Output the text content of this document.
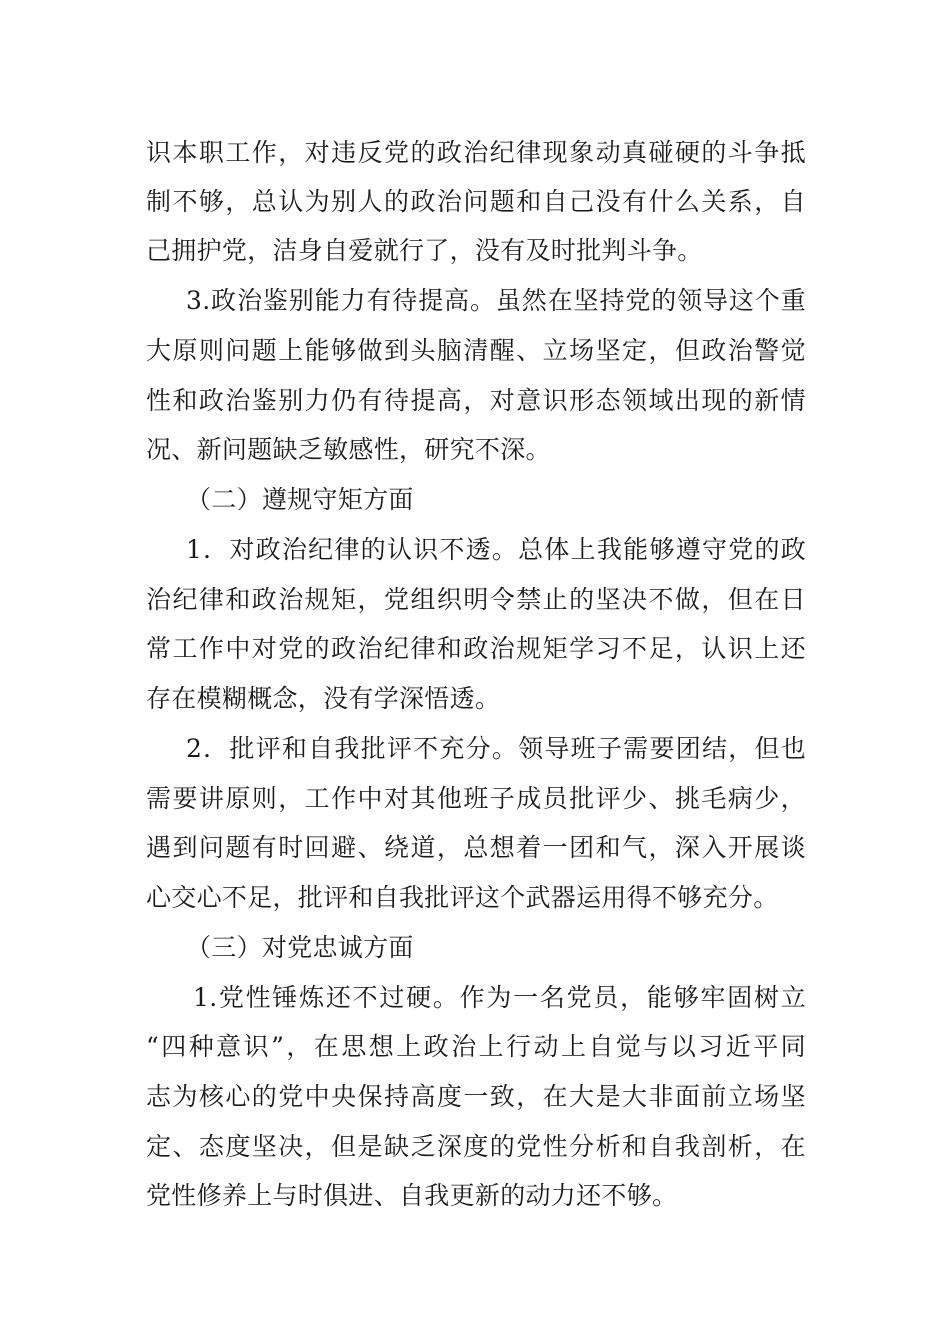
识本职工作，对违反党的政治纪律现象动真碰硬的斗争抵
制不够，总认为别人的政治问题和自己没有什么关系，自
己拥护党，洁身自爱就行了，没有及时批判斗争。
3.政治鉴别能力有待提高。虽然在坚持党的领导这个重
大原则问题上能够做到头脑清醒、立场坚定，但政治警觉
性和政治鉴别力仍有待提高，对意识形态领域出现的新情
况、新问题缺乏敏感性，研究不深。
（二）遵规守矩方面
1．对政治纪律的认识不透。总体上我能够遵守党的政
治纪律和政治规矩，党组织明令禁止的坚决不做，但在日
常工作中对党的政治纪律和政治规矩学习不足，认识上还
存在模糊概念，没有学深悟透。
2．批评和自我批评不充分。领导班子需要团结，但也
需要讲原则，工作中对其他班子成员批评少、挑毛病少，
遇到问题有时回避、绕道，总想着一团和气，深入开展谈
心交心不足，批评和自我批评这个武器运用得不够充分。
（三）对党忠诚方面
1.党性锤炼还不过硬。作为一名党员，能够牢固树立
“四种意识”，在思想上政治上行动上自觉与以习近平同
志为核心的党中央保持高度一致，在大是大非面前立场坚
定、态度坚决，但是缺乏深度的党性分析和自我剖析，在
党性修养上与时俱进、自我更新的动力还不够。
